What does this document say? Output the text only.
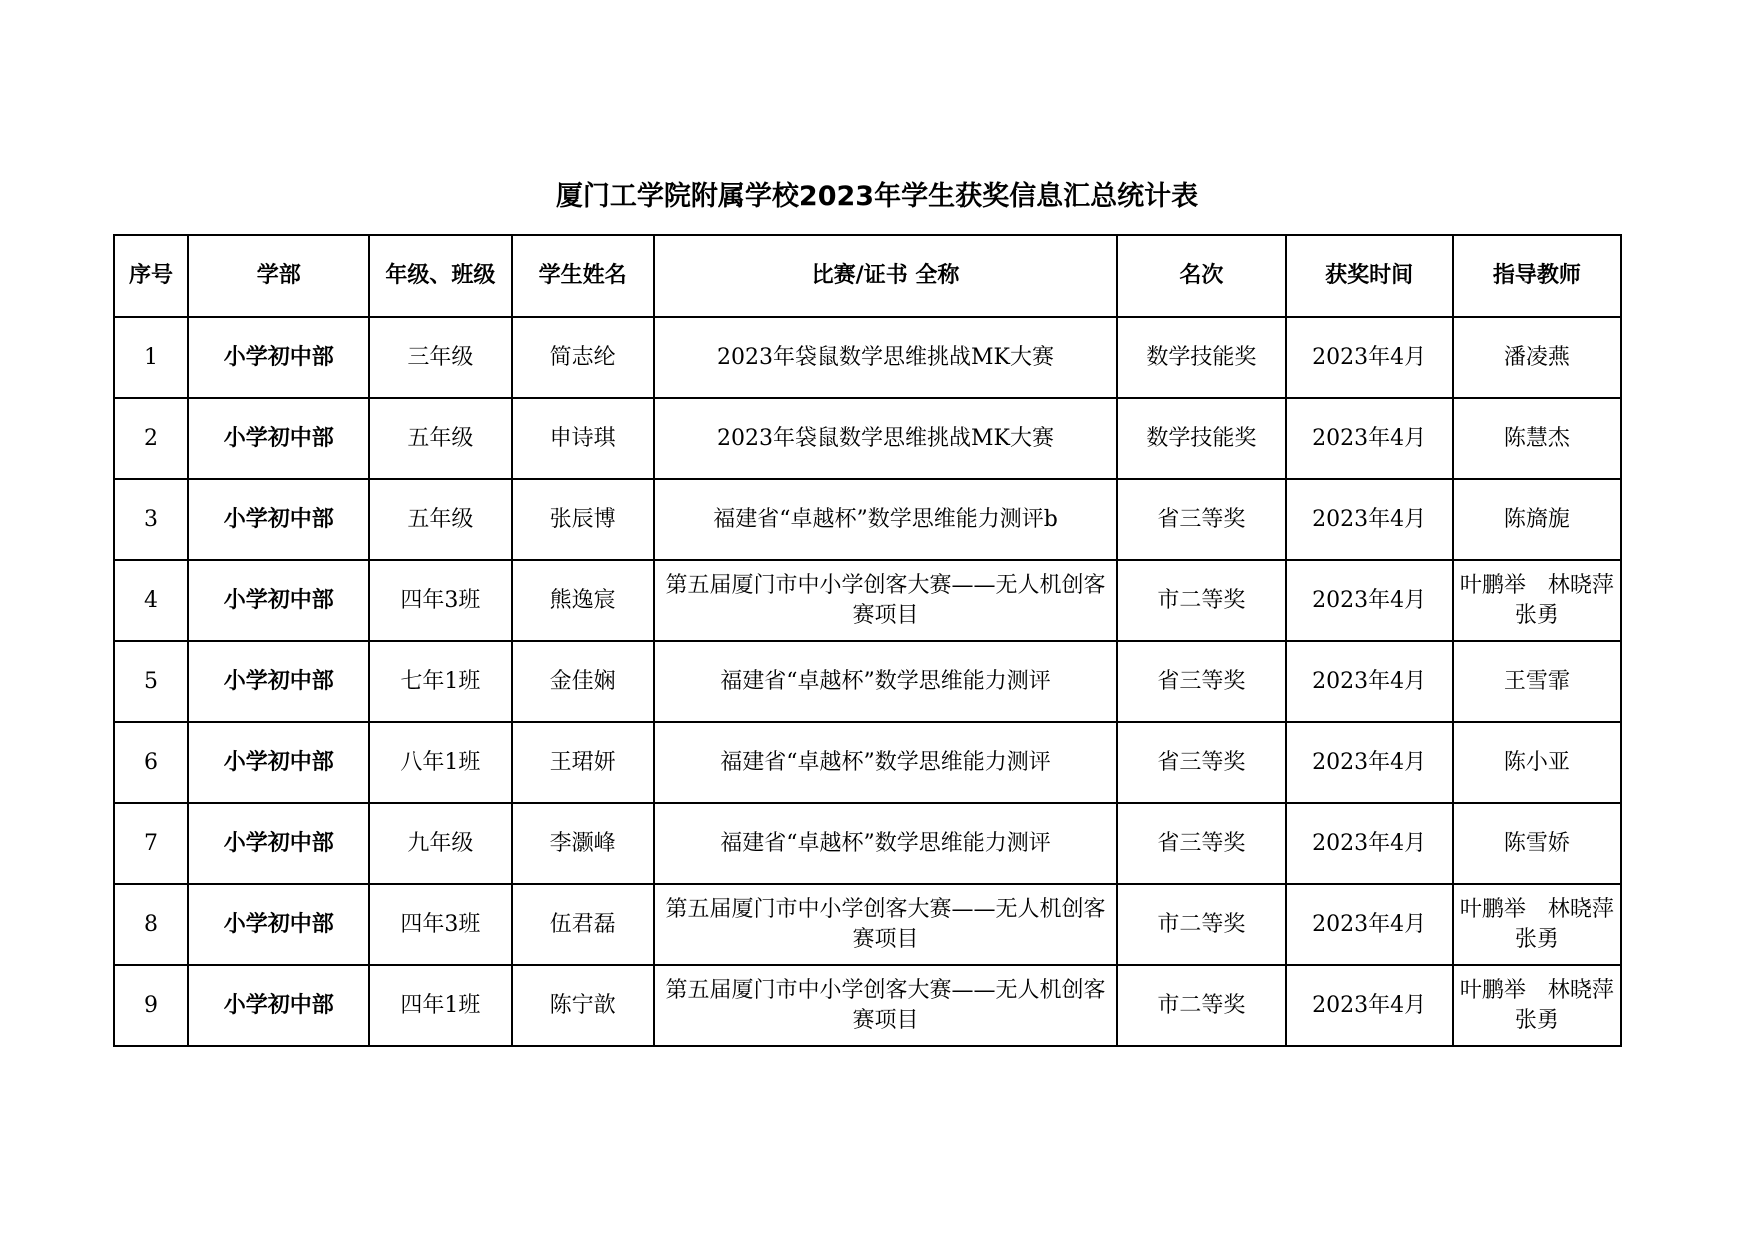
厦门工学院附属学校2023年学生获奖信息汇总统计表
序号	学部	年级、班级	学生姓名	比赛/证书 全称	名次	获奖时间	指导教师
1	小学初中部	三年级	简志纶	2023年袋鼠数学思维挑战MK大赛	数学技能奖	2023年4月	潘凌燕
2	小学初中部	五年级	申诗琪	2023年袋鼠数学思维挑战MK大赛	数学技能奖	2023年4月	陈慧杰
3	小学初中部	五年级	张辰博	福建省“卓越杯”数学思维能力测评b	省三等奖	2023年4月	陈旖旎
4	小学初中部	四年3班	熊逸宸	第五届厦门市中小学创客大赛——无人机创客赛项目	市二等奖	2023年4月	叶鹏举　林晓萍　张勇
5	小学初中部	七年1班	金佳娴	福建省“卓越杯”数学思维能力测评	省三等奖	2023年4月	王雪霏
6	小学初中部	八年1班	王珺妍	福建省“卓越杯”数学思维能力测评	省三等奖	2023年4月	陈小亚
7	小学初中部	九年级	李灏峰	福建省“卓越杯”数学思维能力测评	省三等奖	2023年4月	陈雪娇
8	小学初中部	四年3班	伍君磊	第五届厦门市中小学创客大赛——无人机创客赛项目	市二等奖	2023年4月	叶鹏举　林晓萍　张勇
9	小学初中部	四年1班	陈宁歆	第五届厦门市中小学创客大赛——无人机创客赛项目	市二等奖	2023年4月	叶鹏举　林晓萍　张勇
